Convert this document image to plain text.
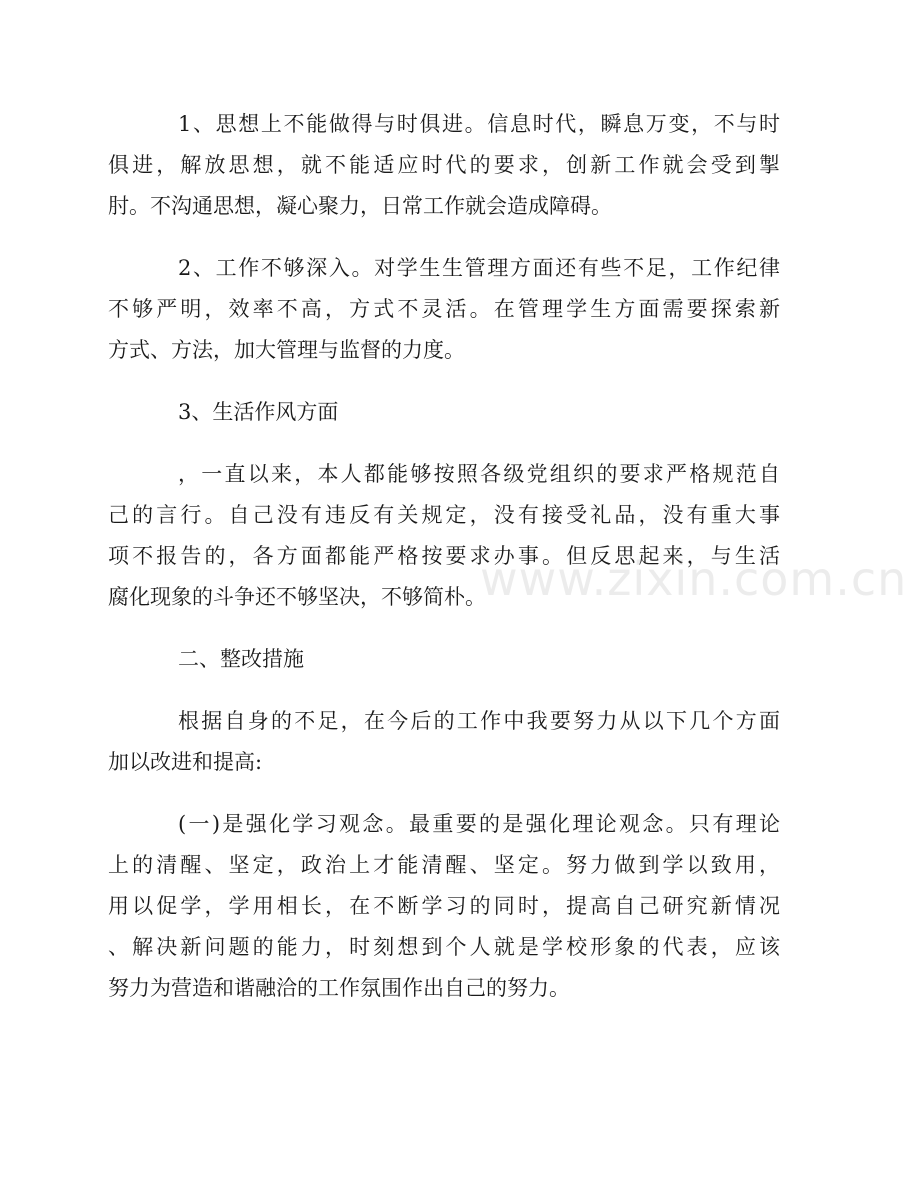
1、思想上不能做得与时俱进。信息时代，瞬息万变，不与时
俱进，解放思想，就不能适应时代的要求，创新工作就会受到掣
肘。不沟通思想，凝心聚力，日常工作就会造成障碍。

2、工作不够深入。对学生生管理方面还有些不足，工作纪律
不够严明，效率不高，方式不灵活。在管理学生方面需要探索新
方式、方法，加大管理与监督的力度。

3、生活作风方面

，一直以来，本人都能够按照各级党组织的要求严格规范自
己的言行。自己没有违反有关规定，没有接受礼品，没有重大事
项不报告的，各方面都能严格按要求办事。但反思起来，与生活
腐化现象的斗争还不够坚决，不够简朴。

二、整改措施

根据自身的不足，在今后的工作中我要努力从以下几个方面
加以改进和提高:

(一)是强化学习观念。最重要的是强化理论观念。只有理论
上的清醒、坚定，政治上才能清醒、坚定。努力做到学以致用，
用以促学，学用相长，在不断学习的同时，提高自己研究新情况
、解决新问题的能力，时刻想到个人就是学校形象的代表，应该
努力为营造和谐融洽的工作氛围作出自己的努力。

www.zixin.com.cn
